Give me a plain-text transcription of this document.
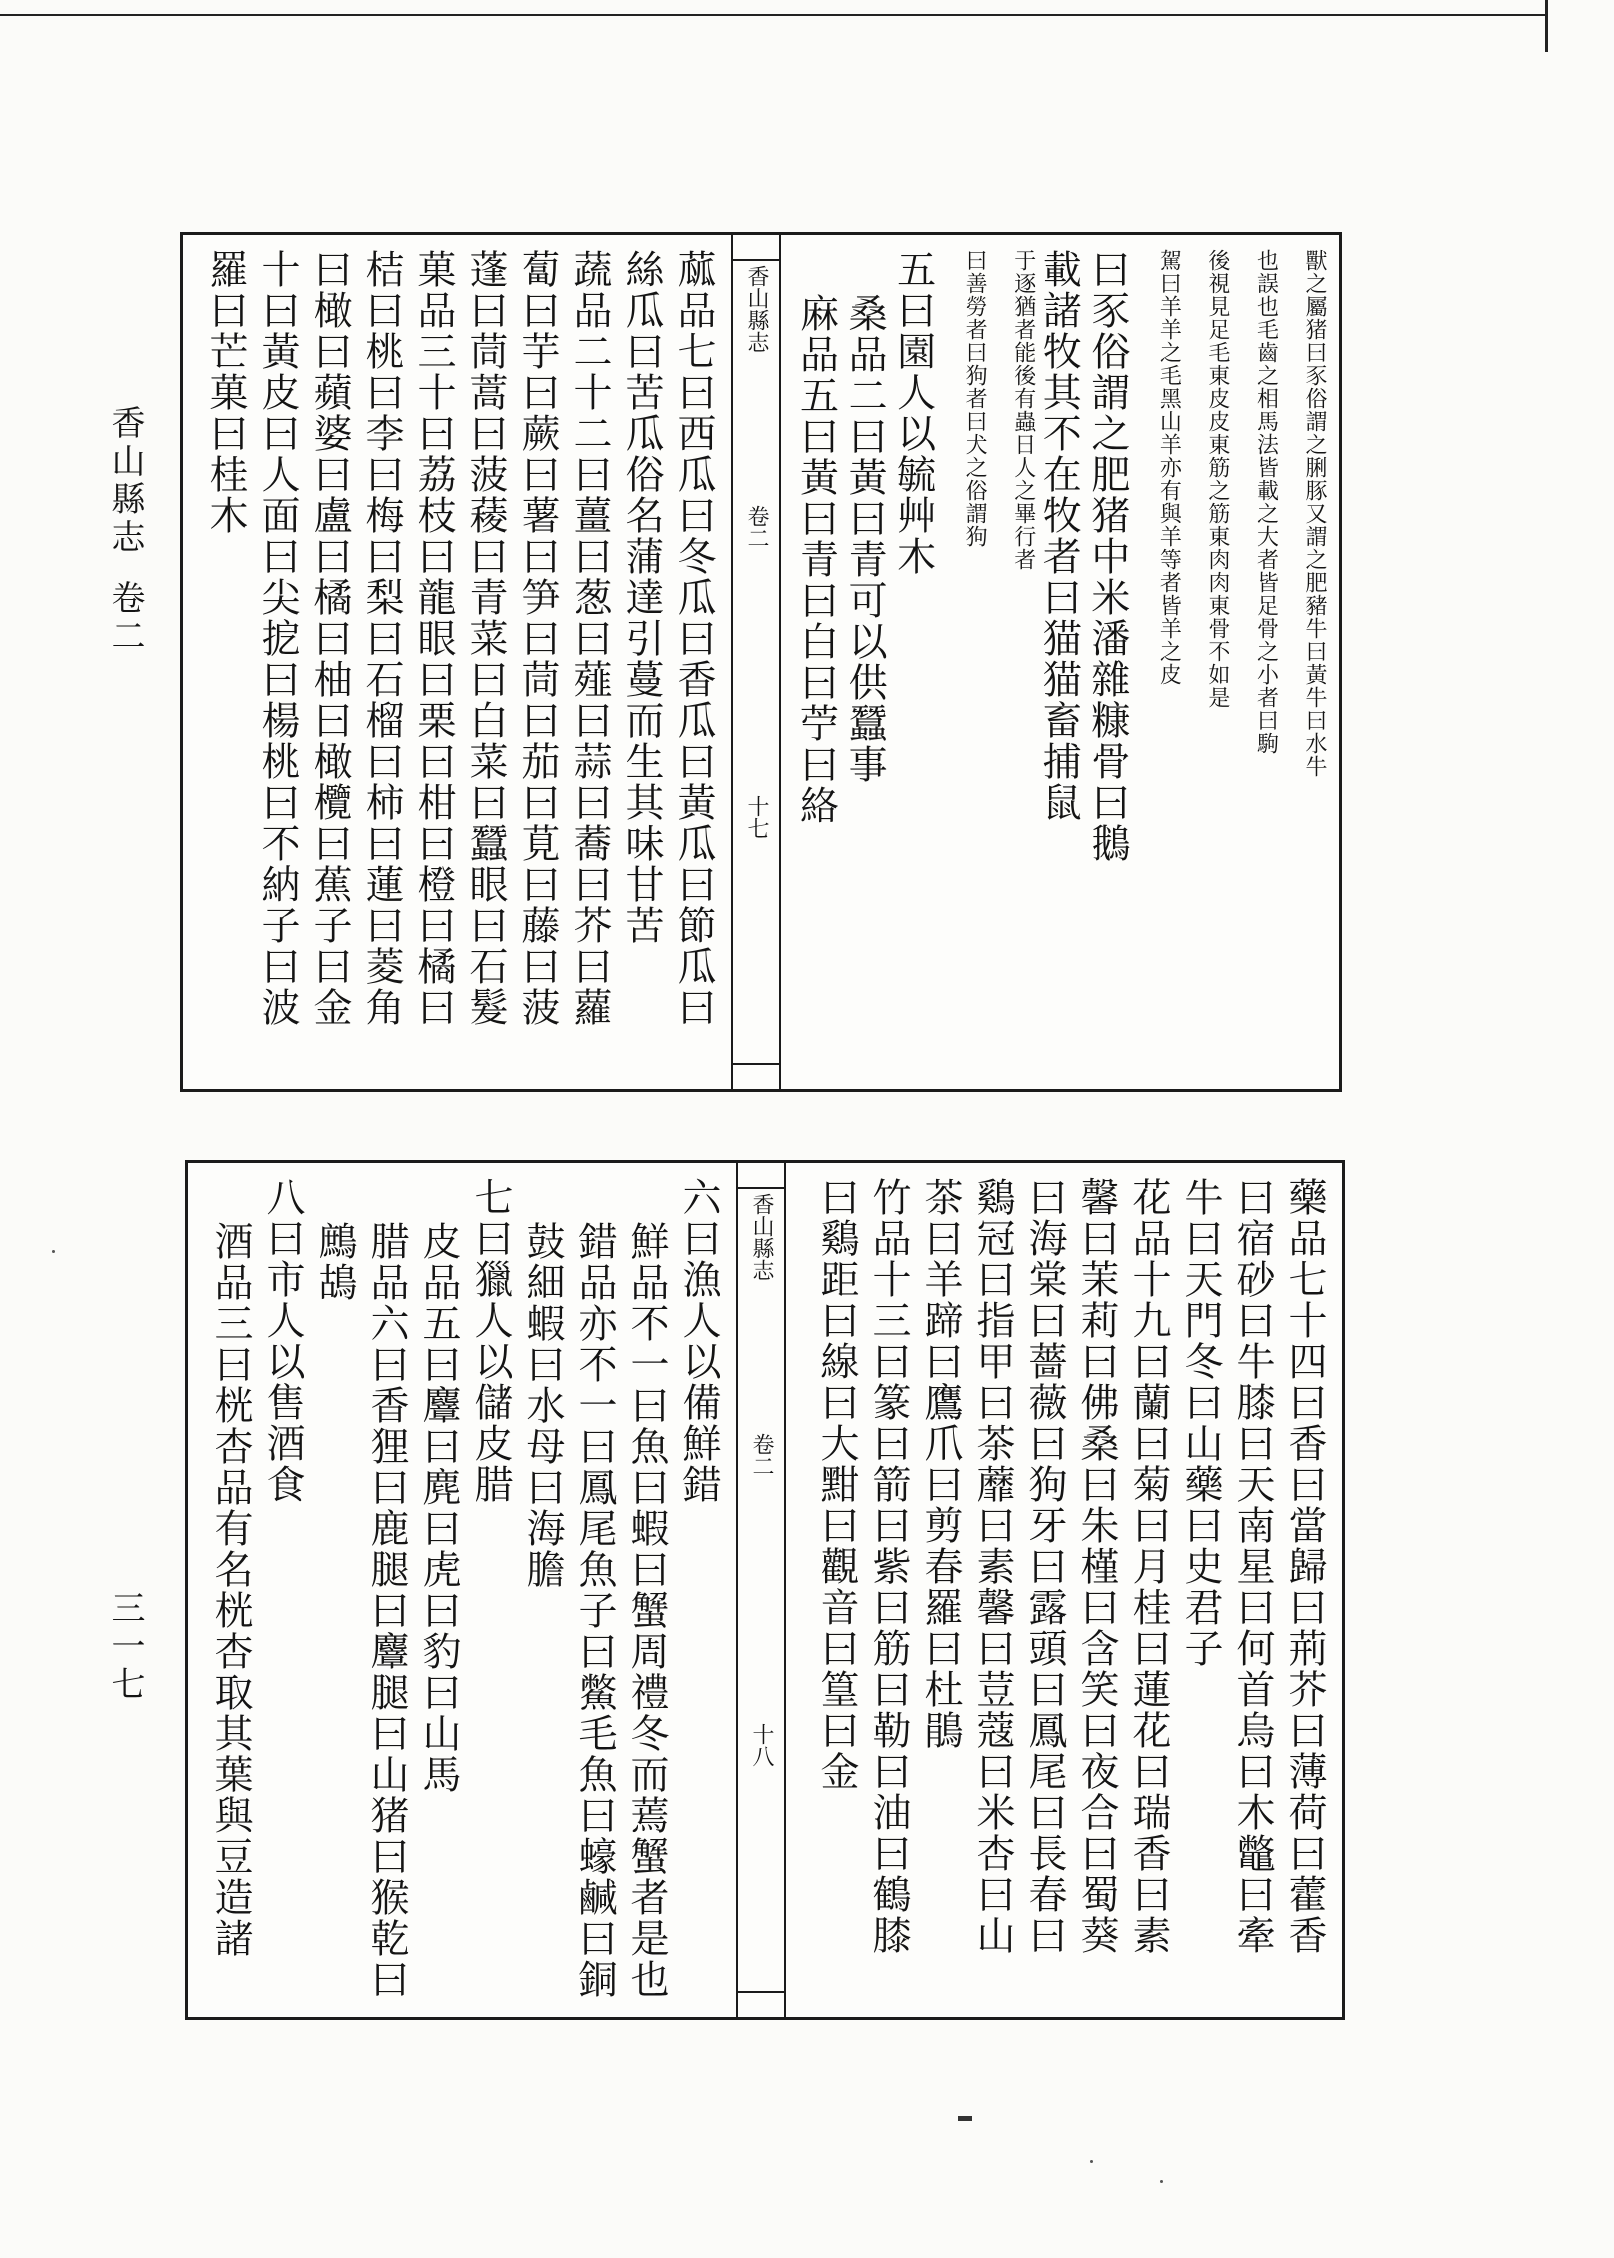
香山縣志
卷二
三一七
獸之屬猪曰豕俗謂之脷豚又謂之肥豬牛曰黃牛曰水牛
也誤也毛齒之相馬法皆載之大者皆足骨之小者曰駒
後視見足毛東皮皮東筋之筋東肉肉東骨不如是
駕曰羊羊之毛黑山羊亦有與羊等者皆羊之皮
曰豕俗謂之肥猪中米潘雜糠骨曰鵝
載諸牧其不在牧者曰猫猫畜捕鼠
于逐猶者能後有蟲日人之畢行者
曰善勞者曰狗者曰犬之俗謂狗
五曰園人以毓艸木
桑品二曰黃曰青可以供蠶事
麻品五曰黃曰青曰白曰苧曰絡
香山縣志
卷二
十七
蓏品七曰西瓜曰冬瓜曰香瓜曰黃瓜曰節瓜曰
絲瓜曰苦瓜俗名蒲達引蔓而生其味甘苦
蔬品二十二曰薑曰葱曰薤曰蒜曰蕎曰芥曰蘿
蔔曰芋曰蕨曰薯曰笋曰茼曰茄曰莧曰藤曰菠
蓬曰茼蒿曰菠薐曰青菜曰白菜曰蠶眼曰石髮
菓品三十曰荔枝曰龍眼曰栗曰柑曰橙曰橘曰
桔曰桃曰李曰梅曰梨曰石榴曰柿曰蓮曰菱角
曰橄曰蘋婆曰盧曰橘曰柚曰橄欖曰蕉子曰金
十曰黃皮曰人面曰尖㧖曰楊桃曰不納子曰波
羅曰芒菓曰桂木
藥品七十四曰香曰當歸曰荊芥曰薄荷曰藿香
曰宿砂曰牛膝曰天南星曰何首烏曰木鼈曰牽
牛曰天門冬曰山藥曰史君子
花品十九曰蘭曰菊曰月桂曰蓮花曰瑞香曰素
馨曰茉莉曰佛桑曰朱槿曰含笑曰夜合曰蜀葵
曰海棠曰薔薇曰狗牙曰露頭曰鳳尾曰長春曰
鷄冠曰指甲曰茶蘼曰素馨曰荳蔻曰米杏曰山
茶曰羊蹄曰鷹爪曰剪春羅曰杜鵑
竹品十三曰篆曰箭曰紫曰筋曰勒曰油曰鶴膝
曰鷄距曰線曰大黚曰觀音曰篁曰金
香山縣志
卷二
十八
六曰漁人以備鮮錯
鮮品不一曰魚曰蝦曰蟹周禮冬而蔫蟹者是也
錯品亦不一曰鳳尾魚子曰鱉毛魚曰蠔鹹曰銅
鼓細蝦曰水母曰海膽
七曰獵人以儲皮腊
皮品五曰麞曰麂曰虎曰豹曰山馬
腊品六曰香狸曰鹿腿曰麞腿曰山猪曰猴乾曰
鷓鴣
八曰市人以售酒食
酒品三曰桄杏品有名桄杏取其葉與豆造諸
